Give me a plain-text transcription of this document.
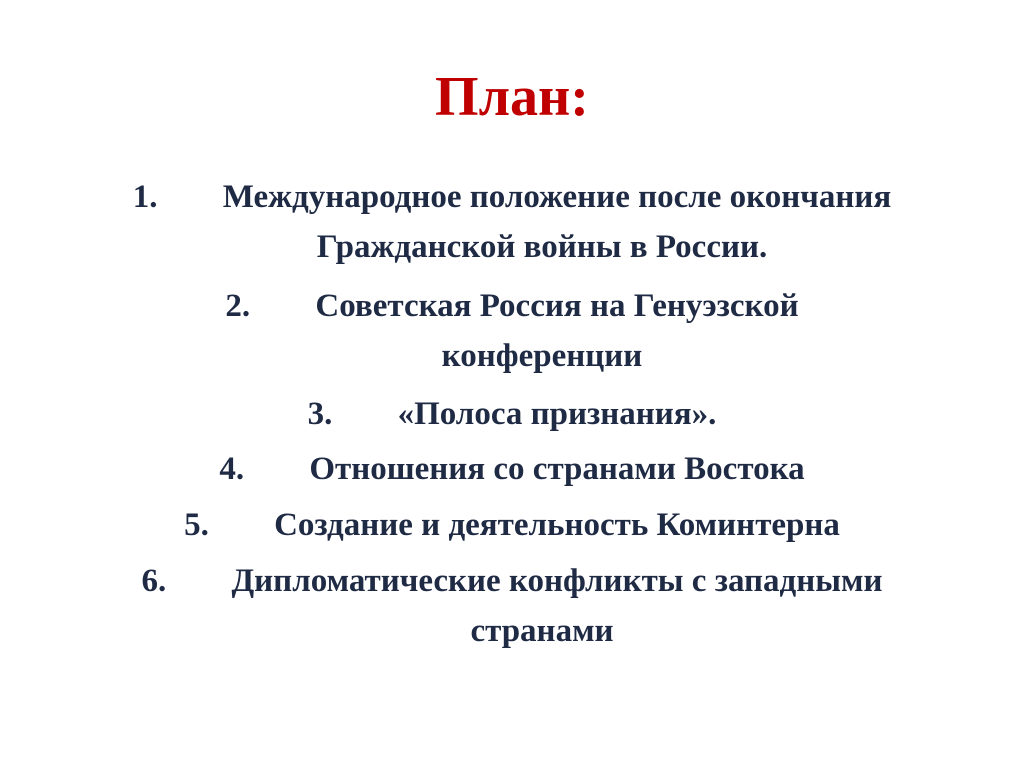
План:
1. Международное положение после окончания
Гражданской войны в России.
2. Советская Россия на Генуэзской
конференции
3. «Полоса признания».
4. Отношения со странами Востока
5. Создание и деятельность Коминтерна
6. Дипломатические конфликты с западными
странами
